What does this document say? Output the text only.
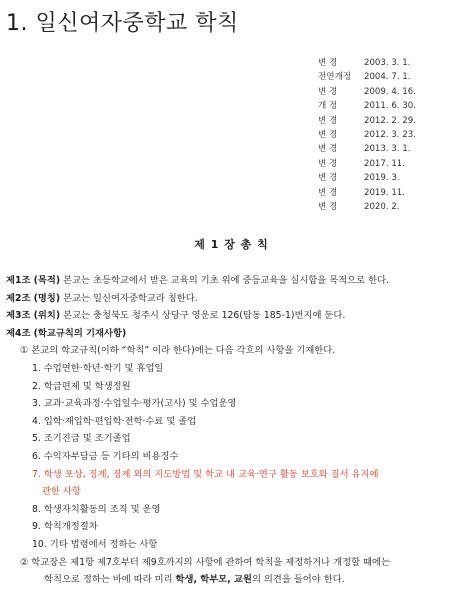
1. 일신여자중학교 학칙
변 경	2003. 3. 1.
전연개정	2004. 7. 1.
변 경	2009. 4. 16.
개 정	2011. 6. 30.
변 경	2012. 2. 29.
변 경	2012. 3. 23.
변 경	2013. 3. 1.
변 경	2017. 11.
변 경	2019. 3.
변 경	2019. 11.
변 경	2020. 2.
제 1 장 총 칙
제1조 (목적) 본교는 초등학교에서 받은 교육의 기초 위에 중등교육을 실시함을 목적으로 한다.
제2조 (명칭) 본교는 일신여자중학교라 칭한다.
제3조 (위치) 본교는 충청북도 청주시 상당구 영운로 126(탑동 185-1)번지에 둔다.
제4조 (학교규칙의 기재사항)
① 본교의 학교규칙(이하 “학칙” 이라 한다)에는 다음 각호의 사항을 기재한다.
1. 수업연한·학년·학기 및 휴업일
2. 학급편제 및 학생정원
3. 교과·교육과정·수업일수·평가(고사) 및 수업운영
4. 입학·재입학·편입학·전학·수료 및 졸업
5. 조기진급 및 조기졸업
6. 수익자부담금 등 기타의 비용징수
7. 학생 포상, 징계, 징계 외의 지도방법 및 학교 내 교육·연구 활동 보호와 질서 유지에
관한 사항
8. 학생자치활동의 조직 및 운영
9. 학칙개정절차
10. 기타 법령에서 정하는 사항
② 학교장은 제1항 제7호부터 제9호까지의 사항에 관하여 학칙을 제정하거나 개정할 때에는
학칙으로 정하는 바에 따라 미리 학생, 학부모, 교원의 의견을 들어야 한다.
